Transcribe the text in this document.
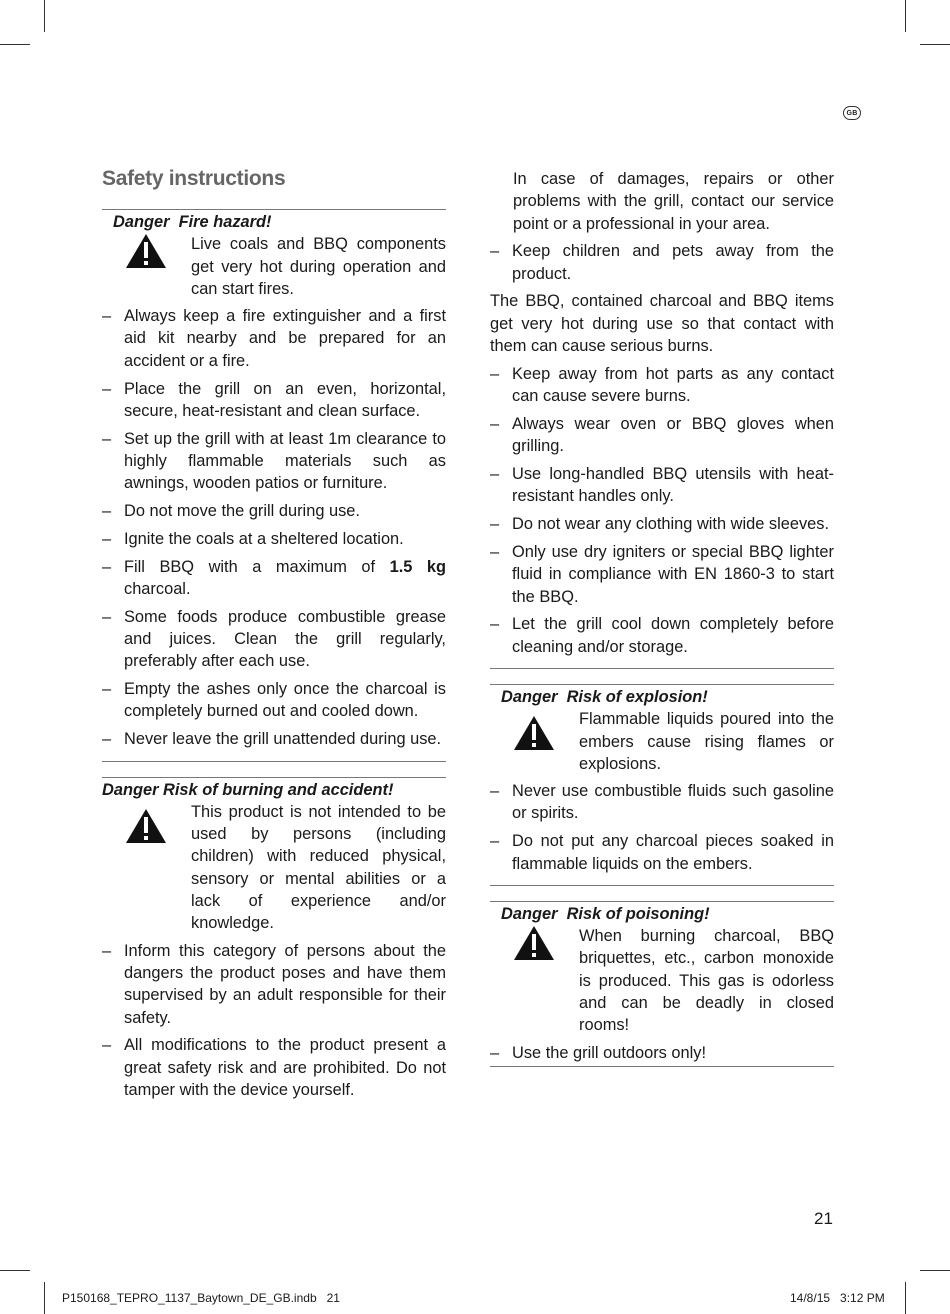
GB
Safety instructions
Danger Fire hazard!
Live coals and BBQ components get very hot during operation and can start fires.
– Always keep a fire extinguisher and a first aid kit nearby and be prepared for an accident or a fire.
– Place the grill on an even, horizontal, secure, heat-resistant and clean surface.
– Set up the grill with at least 1m clearance to highly flammable materials such as awnings, wooden patios or furniture.
– Do not move the grill during use.
– Ignite the coals at a sheltered location.
– Fill BBQ with a maximum of 1.5 kg charcoal.
– Some foods produce combustible grease and juices. Clean the grill regularly, preferably after each use.
– Empty the ashes only once the charcoal is completely burned out and cooled down.
– Never leave the grill unattended during use.
Danger Risk of burning and accident!
This product is not intended to be used by persons (including children) with reduced physical, sensory or mental abilities or a lack of experience and/or knowledge.
– Inform this category of persons about the dangers the product poses and have them supervised by an adult responsible for their safety.
– All modifications to the product present a great safety risk and are prohibited. Do not tamper with the device yourself.
In case of damages, repairs or other problems with the grill, contact our service point or a professional in your area.
– Keep children and pets away from the product.
The BBQ, contained charcoal and BBQ items get very hot during use so that contact with them can cause serious burns.
– Keep away from hot parts as any contact can cause severe burns.
– Always wear oven or BBQ gloves when grilling.
– Use long-handled BBQ utensils with heat-resistant handles only.
– Do not wear any clothing with wide sleeves.
– Only use dry igniters or special BBQ lighter fluid in compliance with EN 1860-3 to start the BBQ.
– Let the grill cool down completely before cleaning and/or storage.
Danger Risk of explosion!
Flammable liquids poured into the embers cause rising flames or explosions.
– Never use combustible fluids such gasoline or spirits.
– Do not put any charcoal pieces soaked in flammable liquids on the embers.
Danger Risk of poisoning!
When burning charcoal, BBQ briquettes, etc., carbon monoxide is produced. This gas is odorless and can be deadly in closed rooms!
– Use the grill outdoors only!
21
P150168_TEPRO_1137_Baytown_DE_GB.indb   21	14/8/15   3:12 PM
